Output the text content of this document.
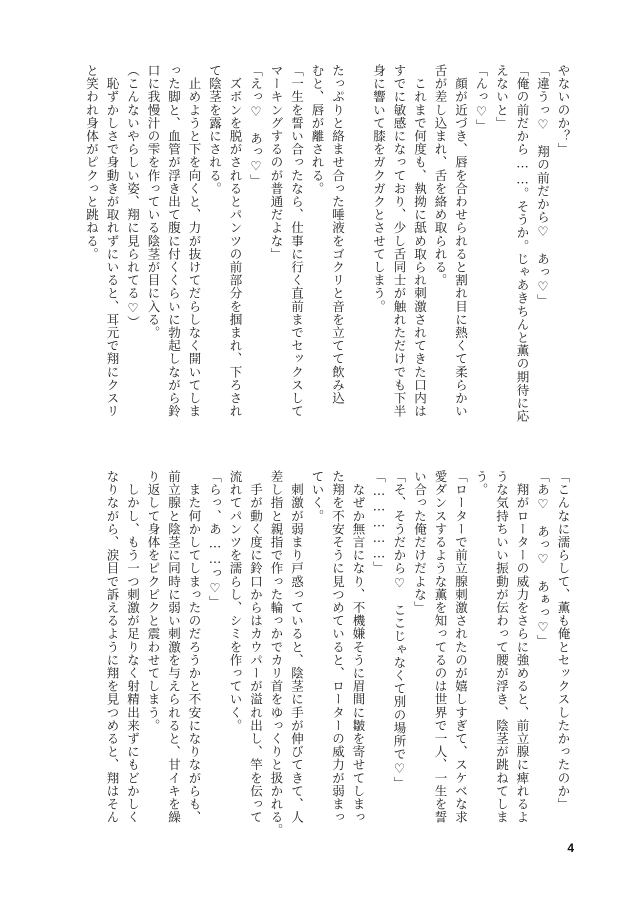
やないのか？」
「違うっ♡　翔の前だから♡　あっ♡」
「俺の前だから……。そうか。じゃあきちんと薫の期待に応
えないと」
「んっ♡」
　顔が近づき、唇を合わせられると割れ目に熱くて柔らかい
舌が差し込まれ、舌を絡め取られる。
　これまで何度も、執拗に舐め取られ刺激されてきた口内は
すでに敏感になっており、少し舌同士が触れただけでも下半
身に響いて膝をガクガクとさせてしまう。
たっぷりと絡ませ合った唾液をゴクリと音を立てて飲み込
むと、唇が離される。
「一生を誓い合ったなら、仕事に行く直前までセックスして
マーキングするのが普通だよな」
「えっ♡　あっ♡」
　ズボンを脱がされるとパンツの前部分を掴まれ、下ろされ
て陰茎を露にされる。
　止めようと下を向くと、力が抜けてだらしなく開いてしま
った脚と、血管が浮き出て腹に付くくらいに勃起しながら鈴
口に我慢汁の雫を作っている陰茎が目に入る。
（こんないやらしい姿、翔に見られてる♡）
　恥ずかしさで身動きが取れずにいると、耳元で翔にクスリ
と笑われ身体がピクっと跳ねる。
「こんなに濡らして、薫も俺とセックスしたかったのか」
「あ♡　あっ♡　あぁっ♡」
　翔がローターの威力をさらに強めると、前立腺に痺れるよ
うな気持ちいい振動が伝わって腰が浮き、陰茎が跳ねてしま
う。
「ローターで前立腺刺激されたのが嬉しすぎて、スケベな求
愛ダンスするような薫を知ってるのは世界で一人、一生を誓
い合った俺だけだよな」
「そ、そうだから♡　ここじゃなくて別の場所で♡」
「……………」
　なぜか無言になり、不機嫌そうに眉間に皺を寄せてしまっ
た翔を不安そうに見つめていると、ローターの威力が弱まっ
ていく。
　刺激が弱まり戸惑っていると、陰茎に手が伸びてきて、人
差し指と親指で作った輪っかでカリ首をゆっくりと扱かれる。
　手が動く度に鈴口からはカウパーが溢れ出し、竿を伝って
流れてパンツを濡らし、シミを作っていく。
「らっ、あ……っ♡」
　また何かしてしまったのだろうかと不安になりながらも、
前立腺と陰茎に同時に弱い刺激を与えられると、甘イキを繰
り返して身体をピクピクと震わせてしまう。
　しかし、もう一つ刺激が足りなく射精出来ずにもどかしく
なりながら、涙目で訴えるように翔を見つめると、翔はそん
4
